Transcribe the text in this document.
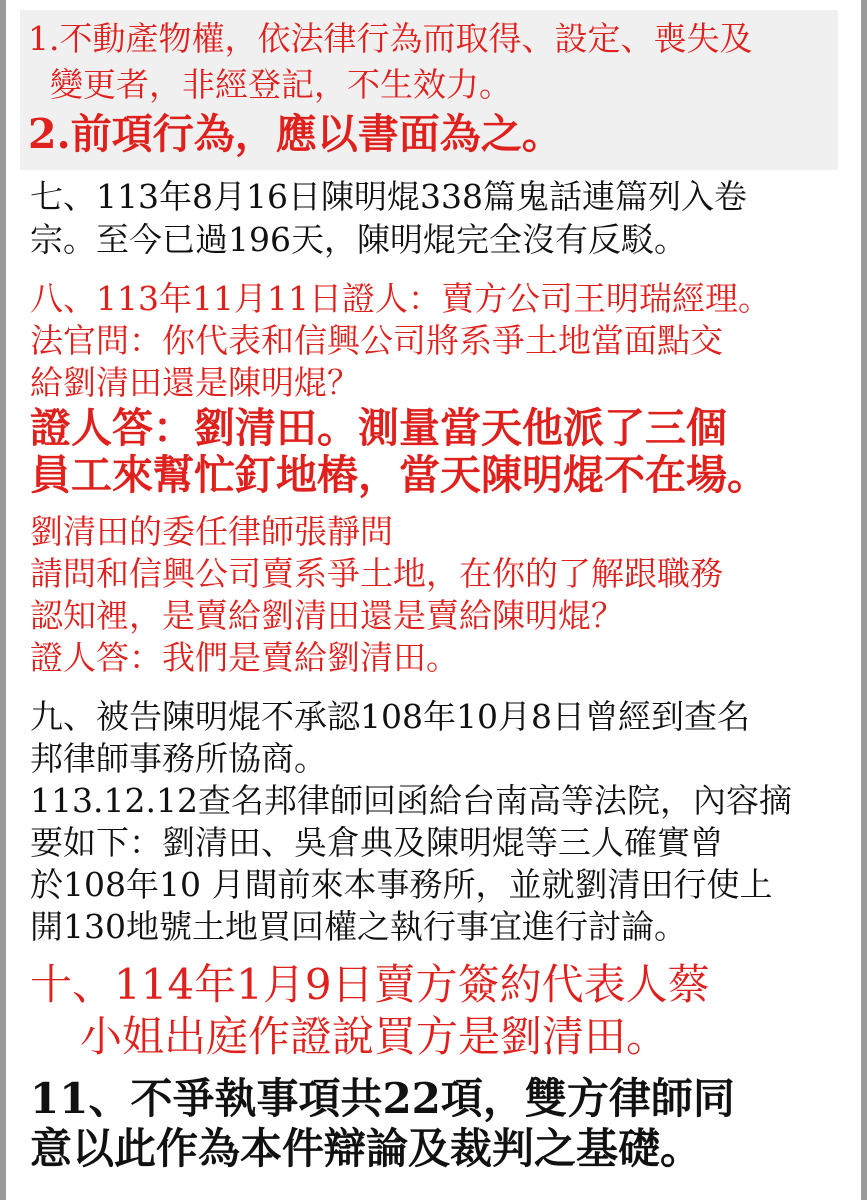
1.不動產物權，依法律行為而取得、設定、喪失及
變更者，非經登記，不生效力。
2.前項行為，應以書面為之。
七、113年8月16日陳明焜338篇鬼話連篇列入卷
宗。至今已過196天，陳明焜完全沒有反駁。
八、113年11月11日證人：賣方公司王明瑞經理。
法官問：你代表和信興公司將系爭土地當面點交
給劉清田還是陳明焜？
證人答：劉清田。測量當天他派了三個
員工來幫忙釘地樁，當天陳明焜不在場。
劉清田的委任律師張靜問
請問和信興公司賣系爭土地，在你的了解跟職務
認知裡，是賣給劉清田還是賣給陳明焜？
證人答：我們是賣給劉清田。
九、被告陳明焜不承認108年10月8日曾經到查名
邦律師事務所協商。
113.12.12查名邦律師回函給台南高等法院，內容摘
要如下：劉清田、吳倉典及陳明焜等三人確實曾
於108年10 月間前來本事務所，並就劉清田行使上
開130地號土地買回權之執行事宜進行討論。
十、114年1月9日賣方簽約代表人蔡
小姐出庭作證說買方是劉清田。
11、不爭執事項共22項，雙方律師同
意以此作為本件辯論及裁判之基礎。
